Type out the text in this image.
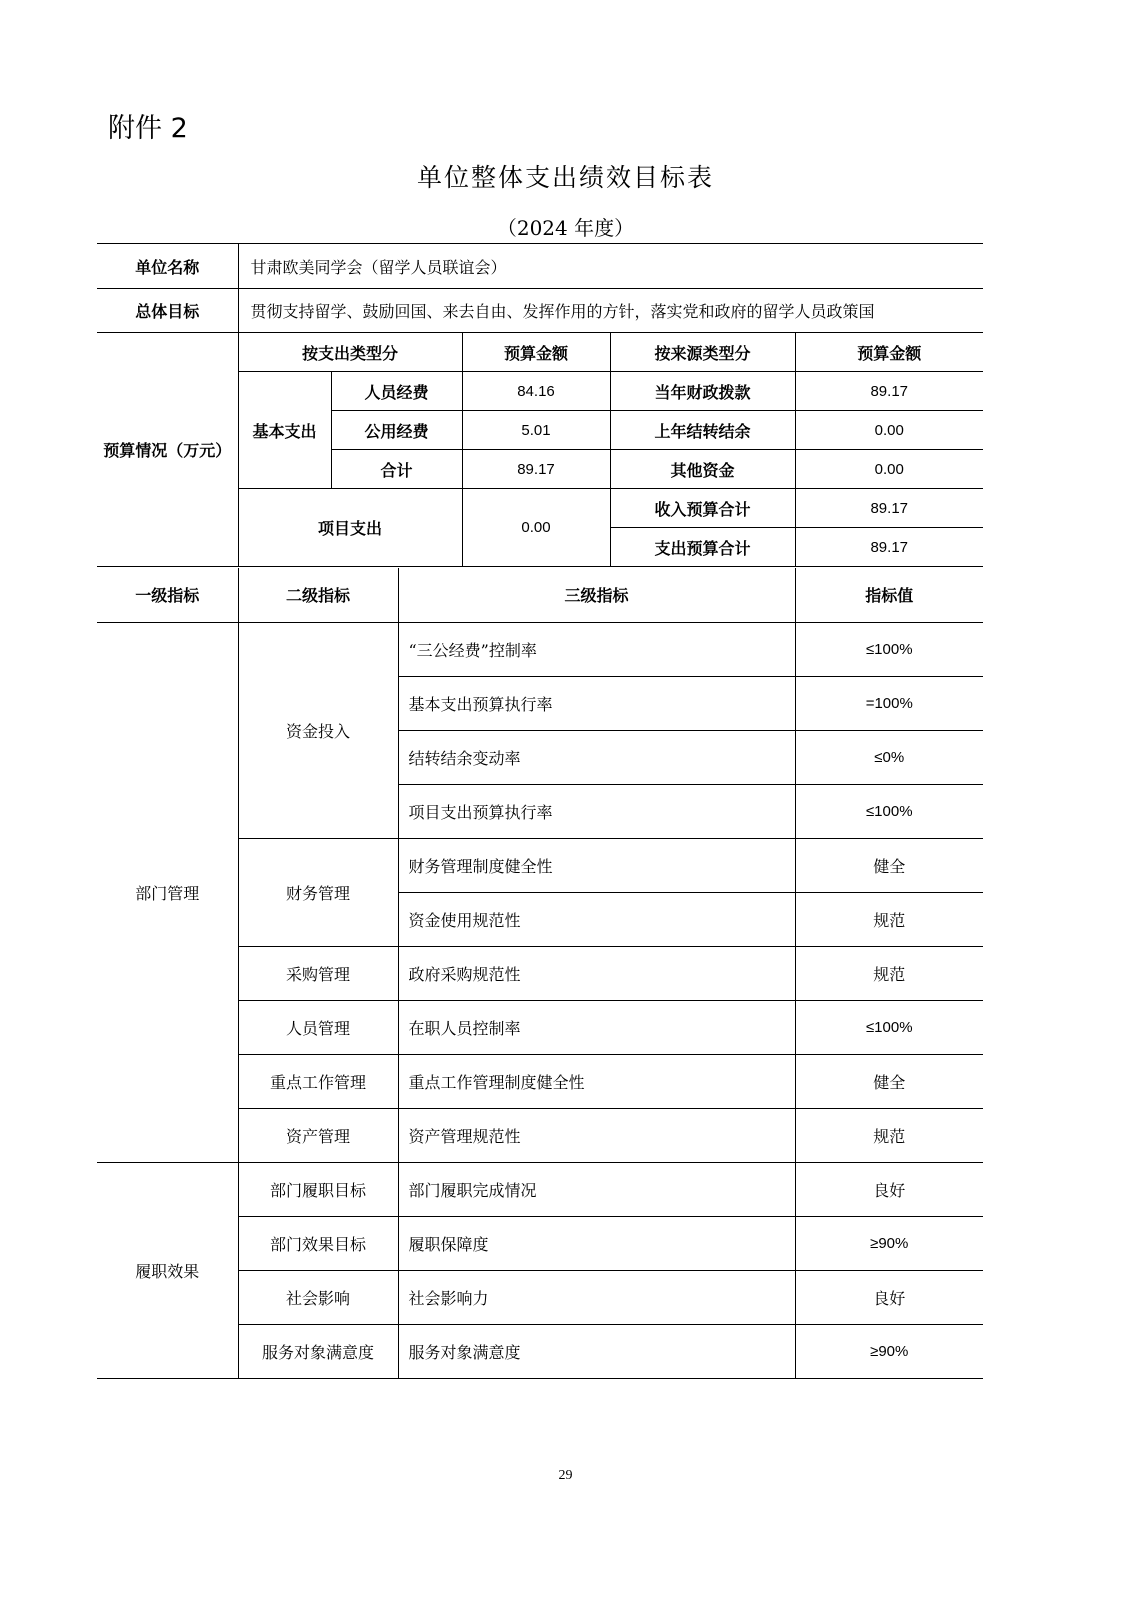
附件 2
单位整体支出绩效目标表
（2024 年度）
单位名称	甘肃欧美同学会（留学人员联谊会）				
总体目标	贯彻支持留学、鼓励回国、来去自由、发挥作用的方针，落实党和政府的留学人员政策国				
预算情况（万元）	按支出类型分		预算金额	按来源类型分	预算金额
	基本支出	人员经费	84.16	当年财政拨款	89.17
		公用经费	5.01	上年结转结余	0.00
		合计	89.17	其他资金	0.00
	项目支出		0.00	收入预算合计	89.17
				支出预算合计	89.17
一级指标	二级指标	三级指标	指标值
部门管理	资金投入	“三公经费”控制率	≤100%
		基本支出预算执行率	=100%
		结转结余变动率	≤0%
		项目支出预算执行率	≤100%
	财务管理	财务管理制度健全性	健全
		资金使用规范性	规范
	采购管理	政府采购规范性	规范
	人员管理	在职人员控制率	≤100%
	重点工作管理	重点工作管理制度健全性	健全
	资产管理	资产管理规范性	规范
履职效果	部门履职目标	部门履职完成情况	良好
	部门效果目标	履职保障度	≥90%
	社会影响	社会影响力	良好
	服务对象满意度	服务对象满意度	≥90%
29
